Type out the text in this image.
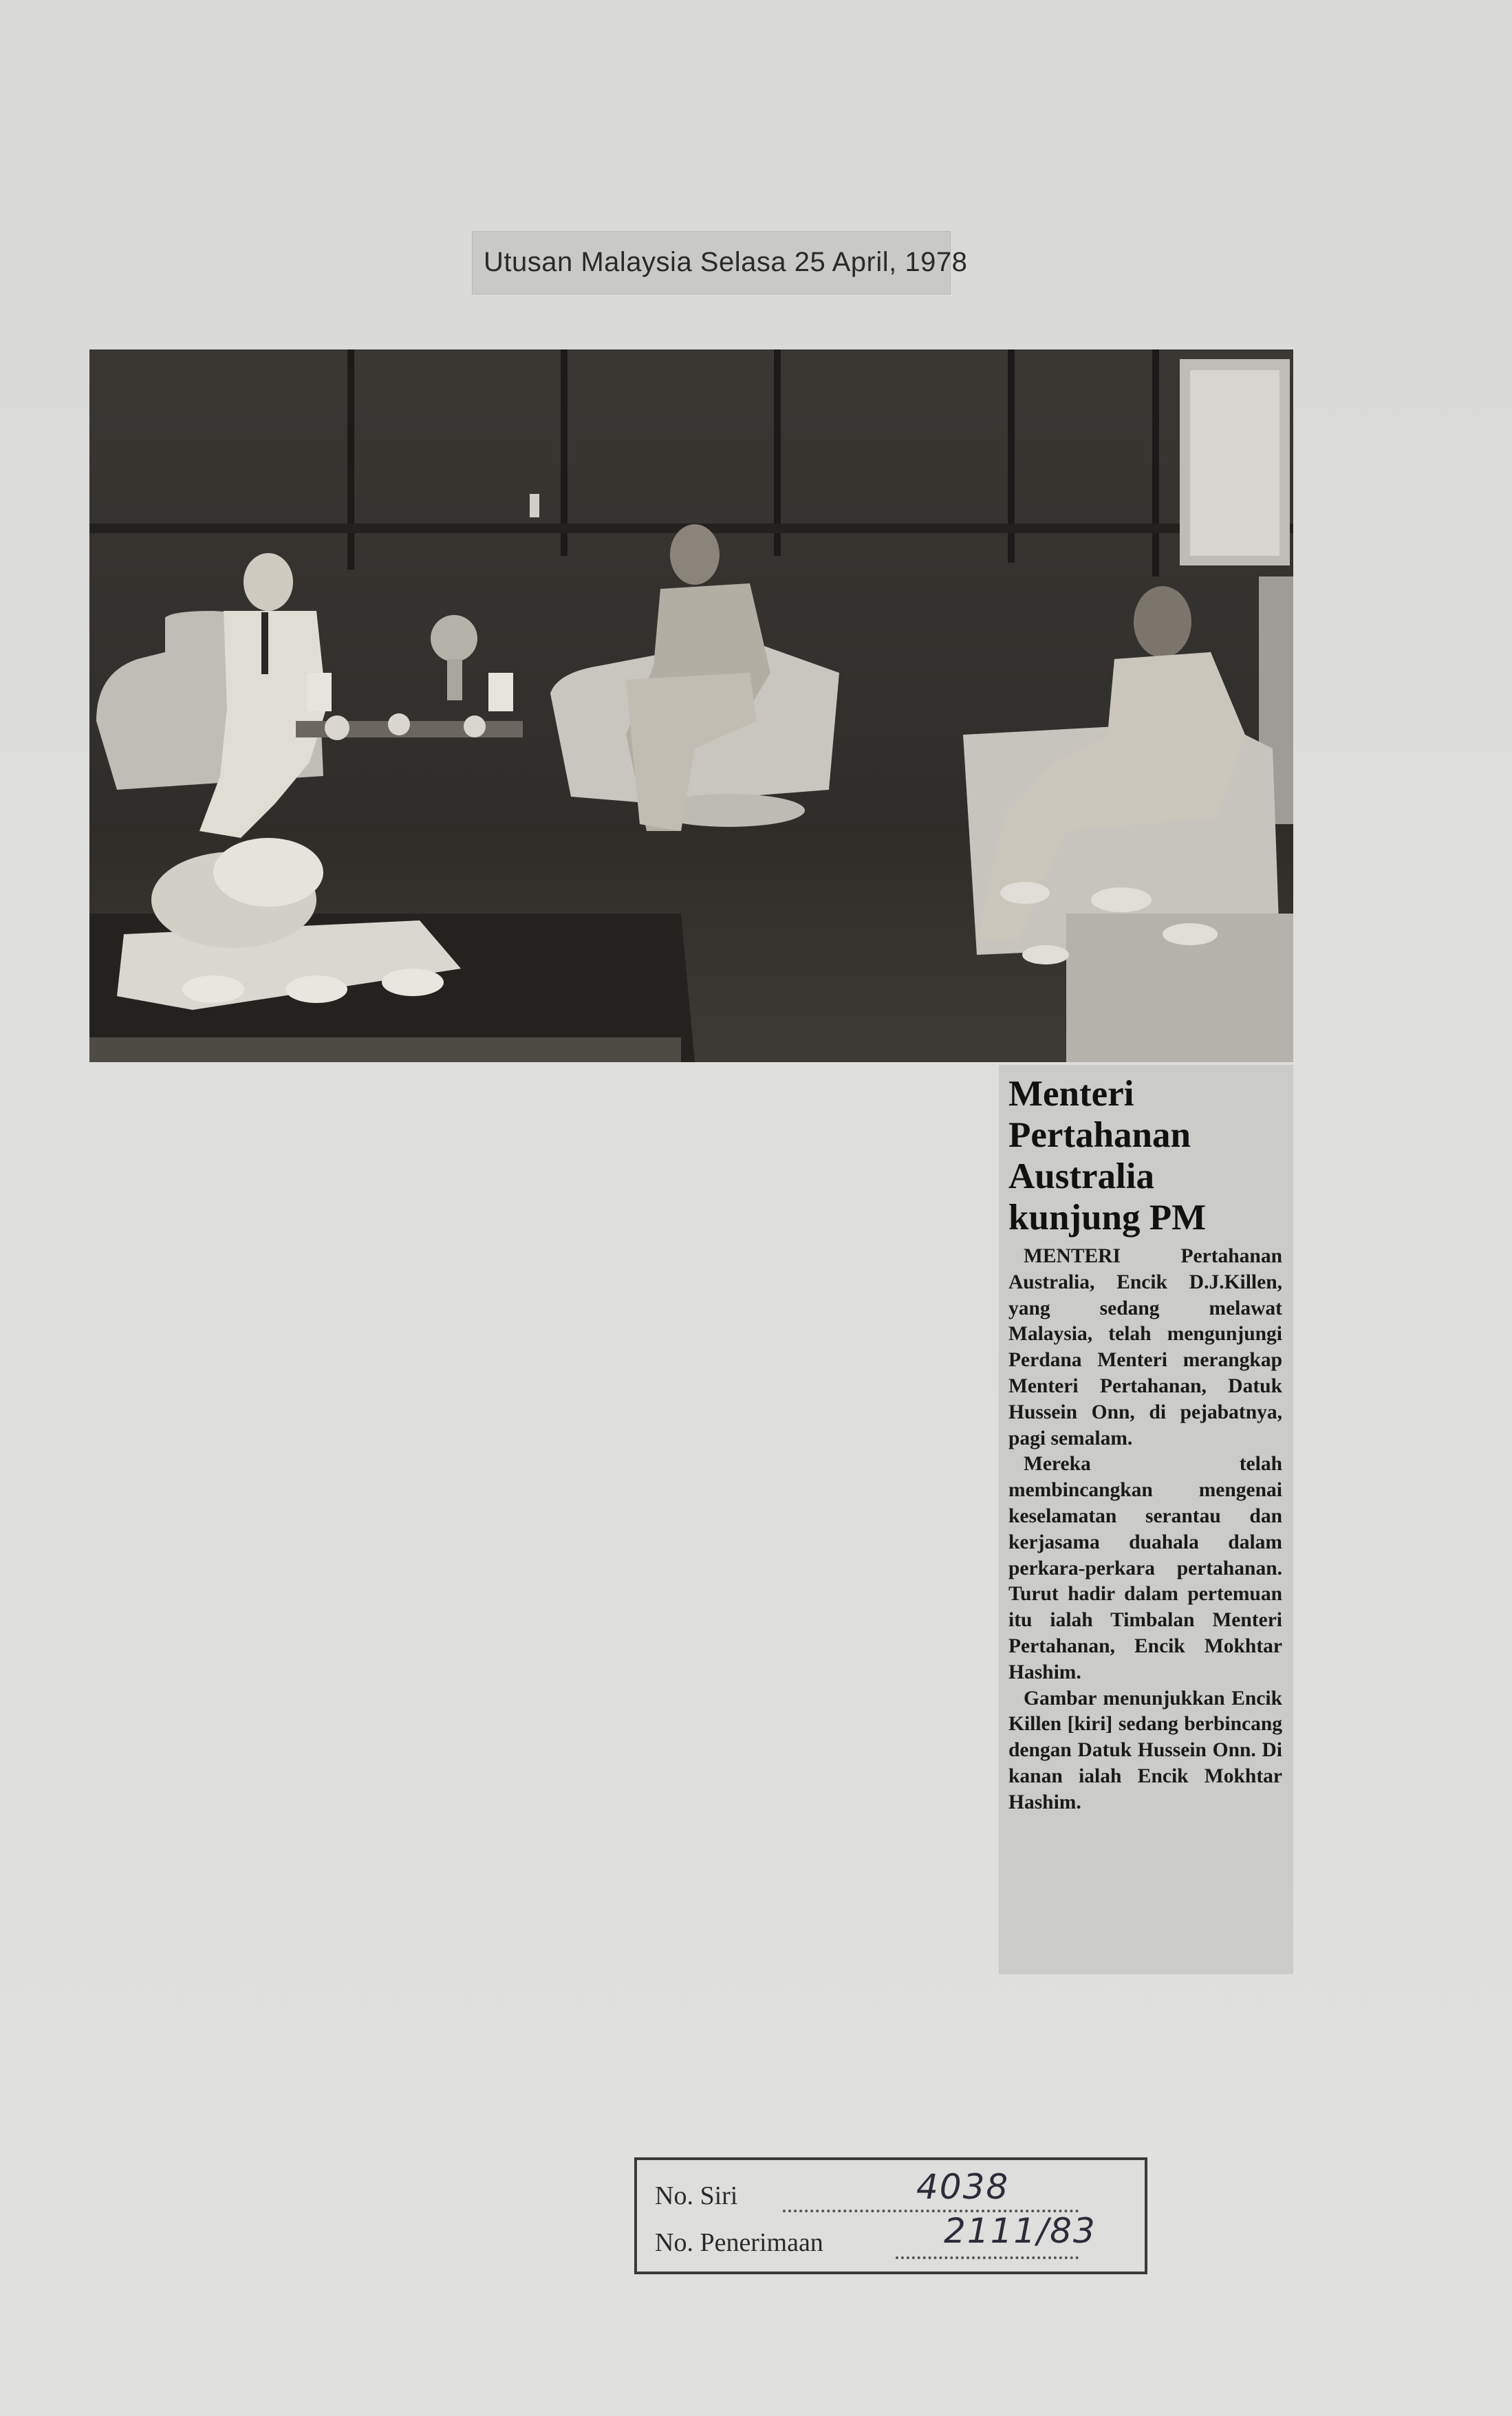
Utusan Malaysia Selasa 25 April, 1978
Menteri
Pertahanan
Australia
kunjung PM

MENTERI Pertahanan Australia, Encik D.J.Killen, yang sedang melawat Malaysia, telah mengunjungi Perdana Menteri merangkap Menteri Pertahanan, Datuk Hussein Onn, di pejabatnya, pagi semalam.

Mereka telah membincangkan mengenai keselamatan serantau dan kerjasama duahala dalam perkara-perkara pertahanan. Turut hadir dalam pertemuan itu ialah Timbalan Menteri Pertahanan, Encik Mokhtar Hashim.

Gambar menunjukkan Encik Killen [kiri] sedang berbincang dengan Datuk Hussein Onn. Di kanan ialah Encik Mokhtar Hashim.

No. Siri	4038
No. Penerimaan	2111/83
